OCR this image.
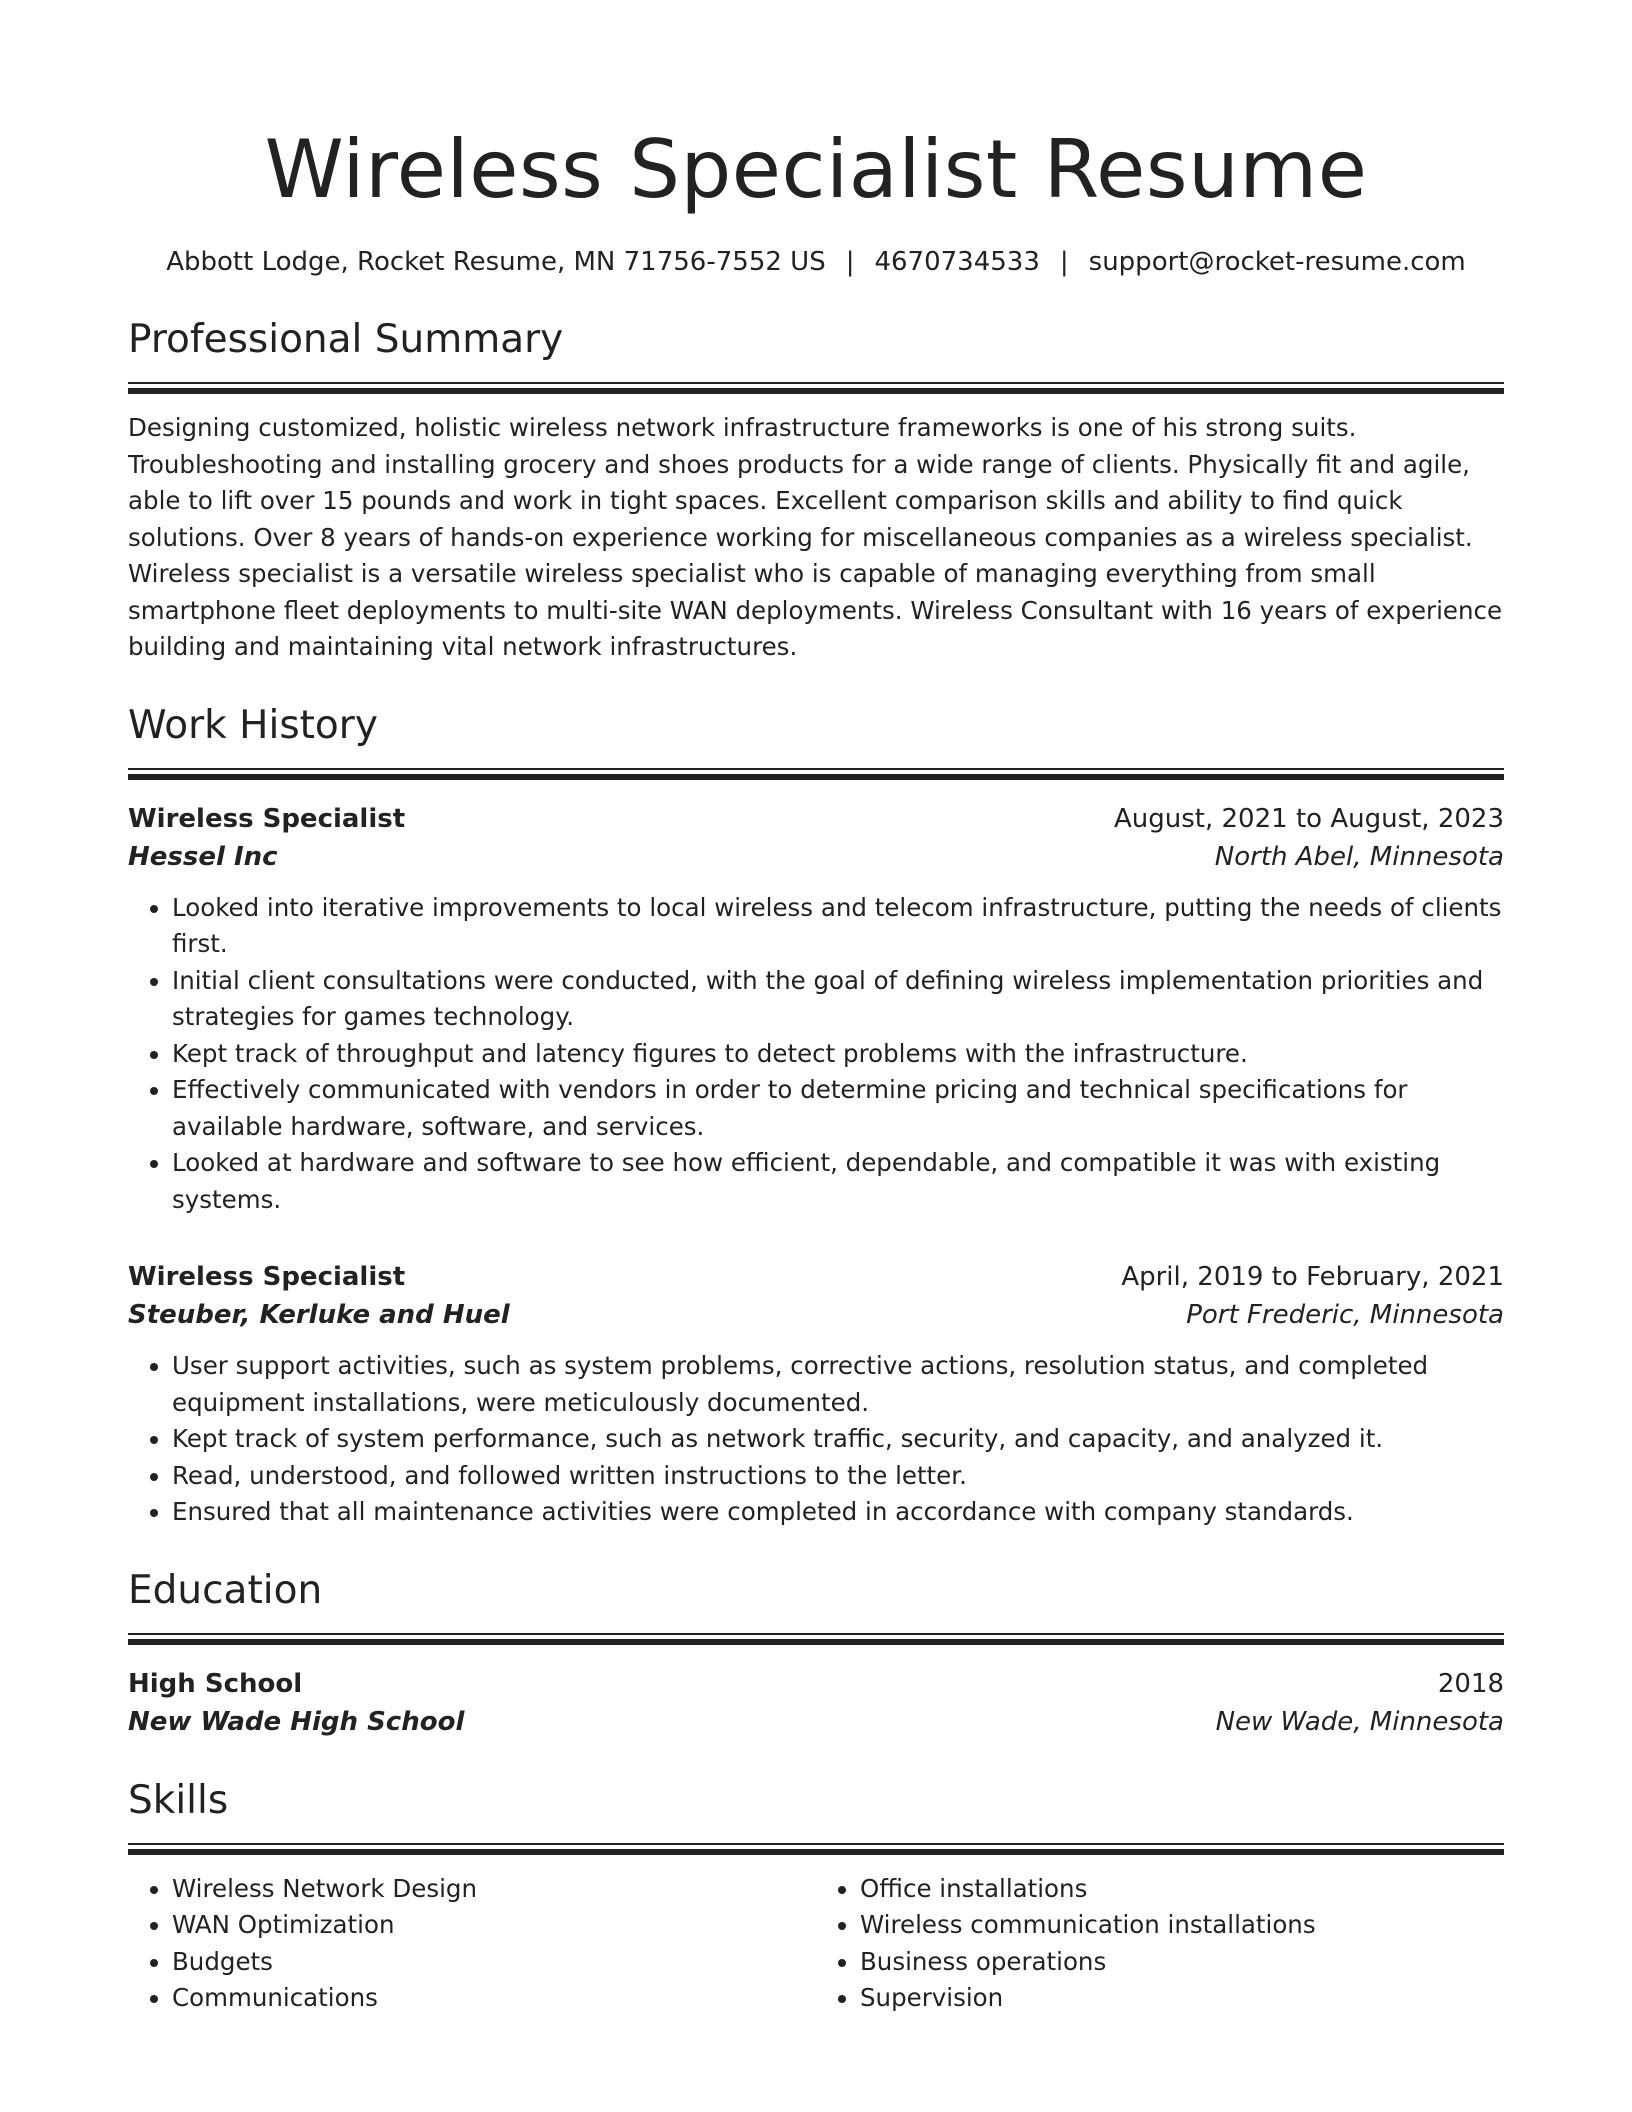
Wireless Specialist Resume
Abbott Lodge, Rocket Resume, MN 71756-7552 US | 4670734533 | support@rocket-resume.com
Professional Summary
Designing customized, holistic wireless network infrastructure frameworks is one of his strong suits. Troubleshooting and installing grocery and shoes products for a wide range of clients. Physically fit and agile, able to lift over 15 pounds and work in tight spaces. Excellent comparison skills and ability to find quick solutions. Over 8 years of hands-on experience working for miscellaneous companies as a wireless specialist. Wireless specialist is a versatile wireless specialist who is capable of managing everything from small smartphone fleet deployments to multi-site WAN deployments. Wireless Consultant with 16 years of experience building and maintaining vital network infrastructures.
Work History
Wireless Specialist	August, 2021 to August, 2023
Hessel Inc	North Abel, Minnesota
• Looked into iterative improvements to local wireless and telecom infrastructure, putting the needs of clients first.
• Initial client consultations were conducted, with the goal of defining wireless implementation priorities and strategies for games technology.
• Kept track of throughput and latency figures to detect problems with the infrastructure.
• Effectively communicated with vendors in order to determine pricing and technical specifications for available hardware, software, and services.
• Looked at hardware and software to see how efficient, dependable, and compatible it was with existing systems.
Wireless Specialist	April, 2019 to February, 2021
Steuber, Kerluke and Huel	Port Frederic, Minnesota
• User support activities, such as system problems, corrective actions, resolution status, and completed equipment installations, were meticulously documented.
• Kept track of system performance, such as network traffic, security, and capacity, and analyzed it.
• Read, understood, and followed written instructions to the letter.
• Ensured that all maintenance activities were completed in accordance with company standards.
Education
High School	2018
New Wade High School	New Wade, Minnesota
Skills
• Wireless Network Design
• WAN Optimization
• Budgets
• Communications
• Office installations
• Wireless communication installations
• Business operations
• Supervision
